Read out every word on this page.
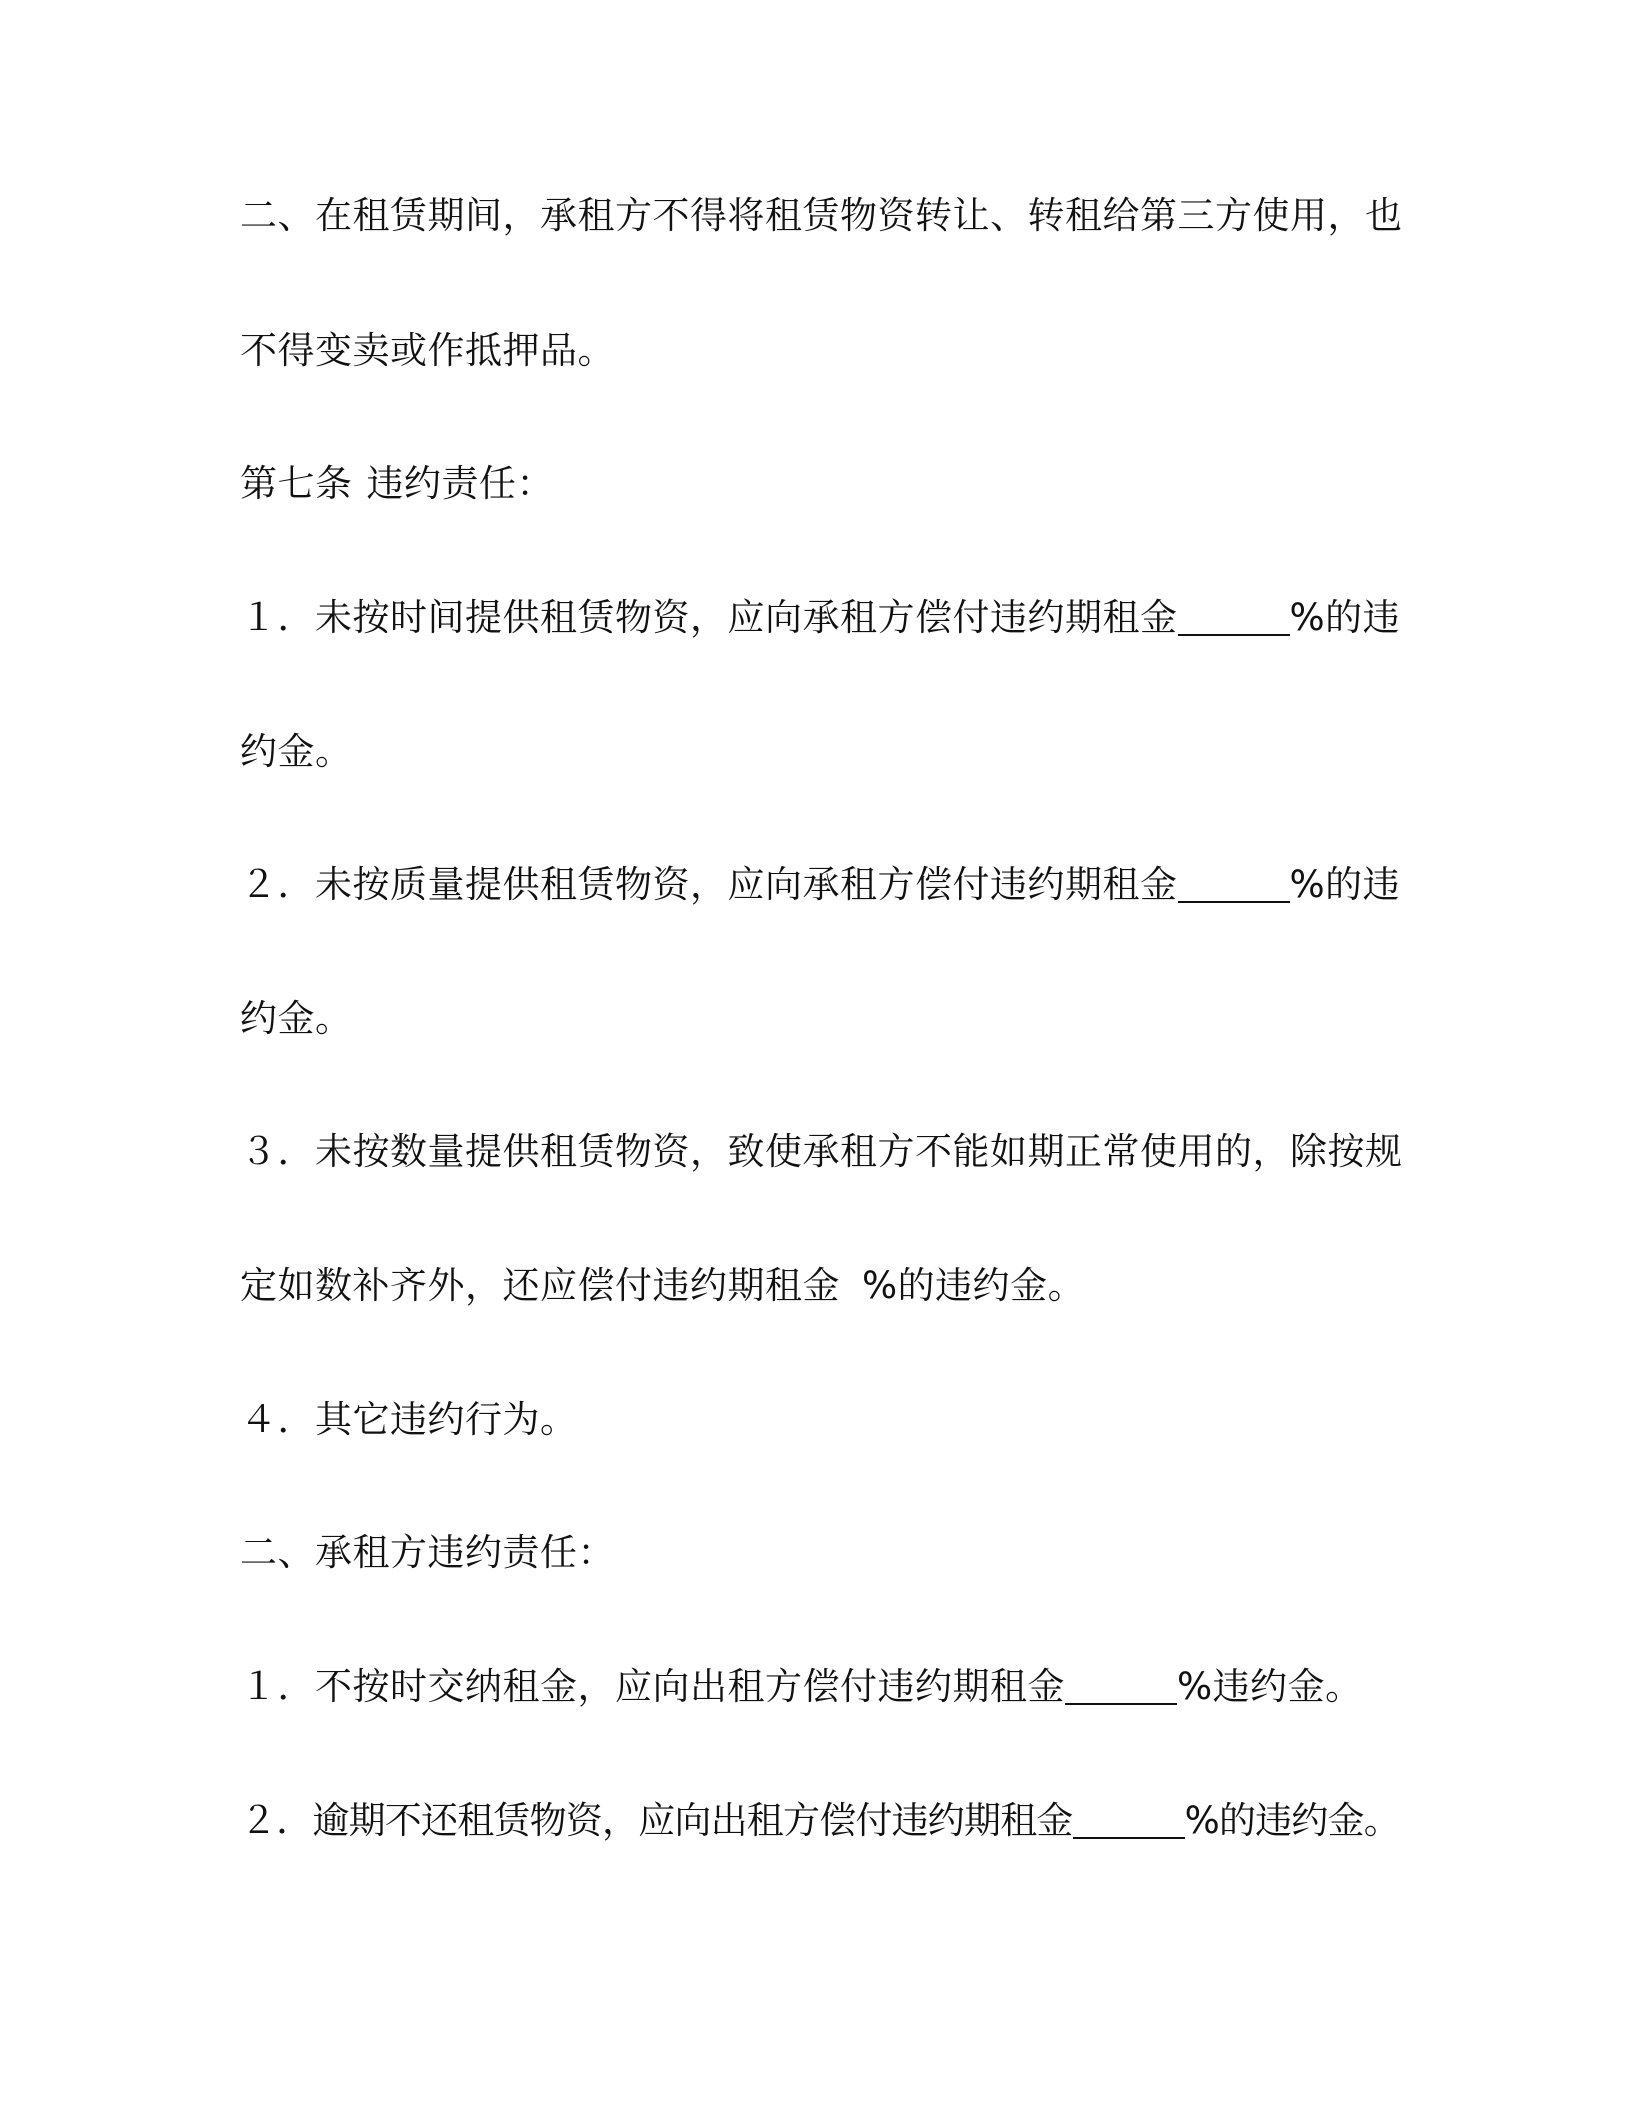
二、在租赁期间，承租方不得将租赁物资转让、转租给第三方使用，也
不得变卖或作抵押品。
第七条 违约责任：
１．未按时间提供租赁物资，应向承租方偿付违约期租金	%的违
约金。
２．未按质量提供租赁物资，应向承租方偿付违约期租金	%的违
约金。
３．未按数量提供租赁物资，致使承租方不能如期正常使用的，除按规
定如数补齐外，还应偿付违约期租金 %的违约金。
４．其它违约行为。
二、承租方违约责任：
１．不按时交纳租金，应向出租方偿付违约期租金	%违约金。
２．逾期不还租赁物资，应向出租方偿付违约期租金	%的违约金。
